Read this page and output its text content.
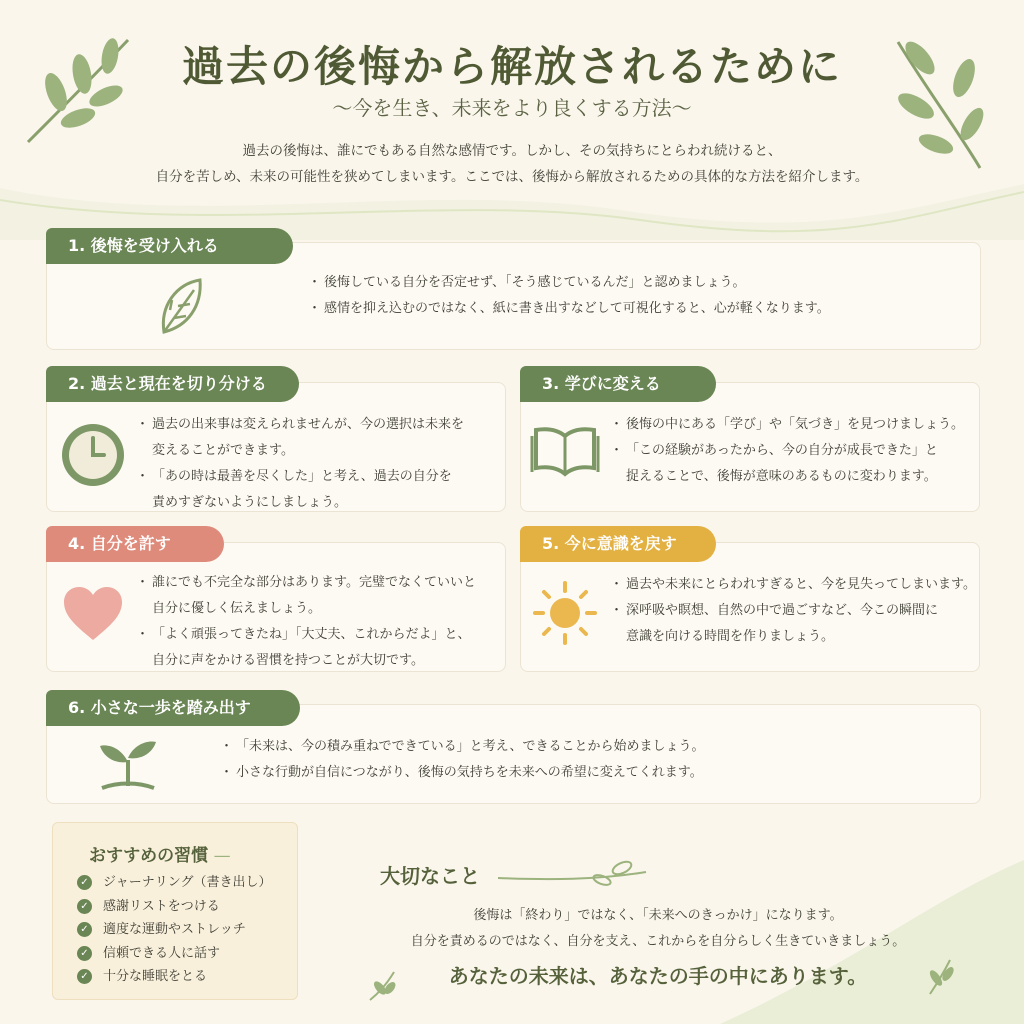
過去の後悔から解放されるために
〜今を生き、未来をより良くする方法〜
過去の後悔は、誰にでもある自然な感情です。しかし、その気持ちにとらわれ続けると、
自分を苦しめ、未来の可能性を狭めてしまいます。ここでは、後悔から解放されるための具体的な方法を紹介します。
1. 後悔を受け入れる
・ 後悔している自分を否定せず、「そう感じているんだ」と認めましょう。
・ 感情を抑え込むのではなく、紙に書き出すなどして可視化すると、心が軽くなります。
2. 過去と現在を切り分ける
・ 過去の出来事は変えられませんが、今の選択は未来を
変えることができます。
・ 「あの時は最善を尽くした」と考え、過去の自分を
責めすぎないようにしましょう。
3. 学びに変える
・ 後悔の中にある「学び」や「気づき」を見つけましょう。
・ 「この経験があったから、今の自分が成長できた」と
捉えることで、後悔が意味のあるものに変わります。
4. 自分を許す
・ 誰にでも不完全な部分はあります。完璧でなくていいと
自分に優しく伝えましょう。
・ 「よく頑張ってきたね」「大丈夫、これからだよ」と、
自分に声をかける習慣を持つことが大切です。
5. 今に意識を戻す
・ 過去や未来にとらわれすぎると、今を見失ってしまいます。
・ 深呼吸や瞑想、自然の中で過ごすなど、今この瞬間に
意識を向ける時間を作りましょう。
6. 小さな一歩を踏み出す
・ 「未来は、今の積み重ねでできている」と考え、できることから始めましょう。
・ 小さな行動が自信につながり、後悔の気持ちを未来への希望に変えてくれます。
おすすめの習慣 —
✓ ジャーナリング（書き出し）
✓ 感謝リストをつける
✓ 適度な運動やストレッチ
✓ 信頼できる人に話す
✓ 十分な睡眠をとる
大切なこと
後悔は「終わり」ではなく、「未来へのきっかけ」になります。
自分を責めるのではなく、自分を支え、これからを自分らしく生きていきましょう。
あなたの未来は、あなたの手の中にあります。
